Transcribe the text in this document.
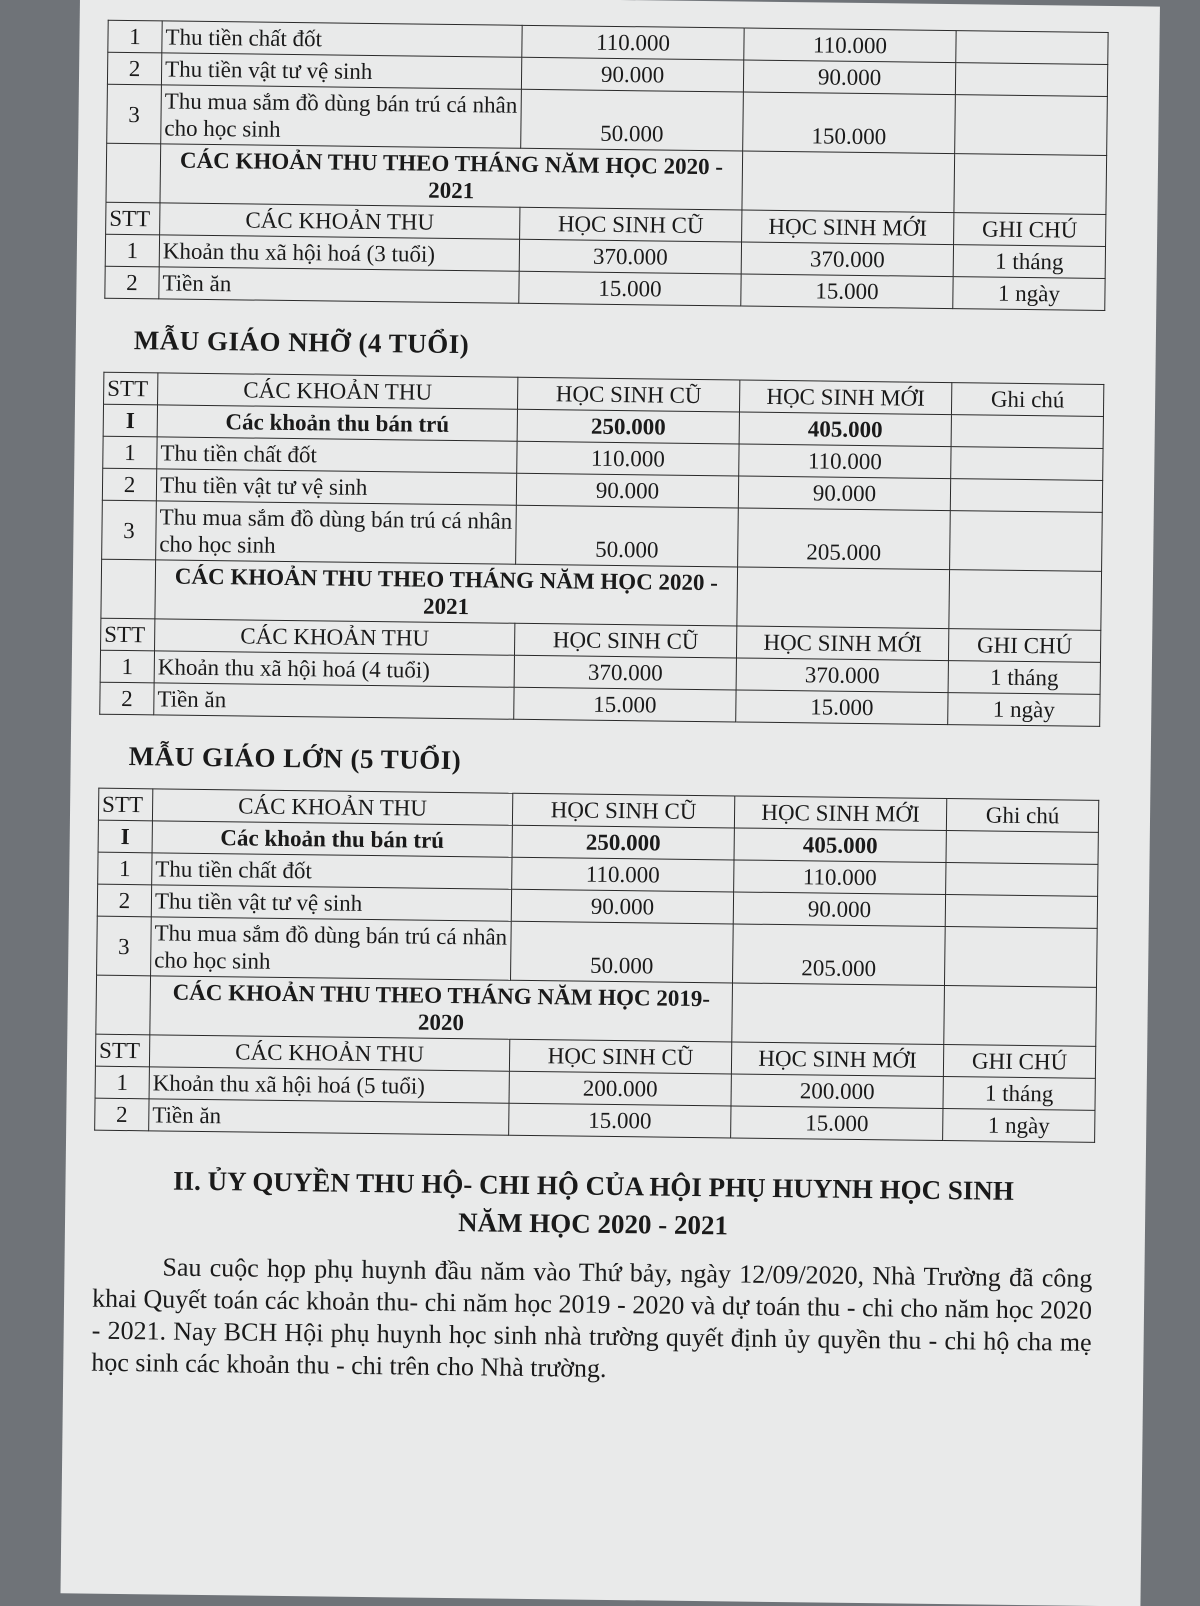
1	Thu tiền chất đốt	110.000	110.000	
2	Thu tiền vật tư vệ sinh	90.000	90.000	
3	Thu mua sắm đồ dùng bán trú cá nhân cho học sinh	50.000	150.000	
	CÁC KHOẢN THU THEO THÁNG NĂM HỌC 2020 - 2021			
STT	CÁC KHOẢN THU	HỌC SINH CŨ	HỌC SINH MỚI	GHI CHÚ
1	Khoản thu xã hội hoá (3 tuổi)	370.000	370.000	1 tháng
2	Tiền ăn	15.000	15.000	1 ngày
MẪU GIÁO NHỠ (4 TUỔI)
STT	CÁC KHOẢN THU	HỌC SINH CŨ	HỌC SINH MỚI	Ghi chú
I	Các khoản thu bán trú	250.000	405.000	
1	Thu tiền chất đốt	110.000	110.000	
2	Thu tiền vật tư vệ sinh	90.000	90.000	
3	Thu mua sắm đồ dùng bán trú cá nhân cho học sinh	50.000	205.000	
	CÁC KHOẢN THU THEO THÁNG NĂM HỌC 2020 - 2021			
STT	CÁC KHOẢN THU	HỌC SINH CŨ	HỌC SINH MỚI	GHI CHÚ
1	Khoản thu xã hội hoá (4 tuổi)	370.000	370.000	1 tháng
2	Tiền ăn	15.000	15.000	1 ngày
MẪU GIÁO LỚN (5 TUỔI)
STT	CÁC KHOẢN THU	HỌC SINH CŨ	HỌC SINH MỚI	Ghi chú
I	Các khoản thu bán trú	250.000	405.000	
1	Thu tiền chất đốt	110.000	110.000	
2	Thu tiền vật tư vệ sinh	90.000	90.000	
3	Thu mua sắm đồ dùng bán trú cá nhân cho học sinh	50.000	205.000	
	CÁC KHOẢN THU THEO THÁNG NĂM HỌC 2019- 2020			
STT	CÁC KHOẢN THU	HỌC SINH CŨ	HỌC SINH MỚI	GHI CHÚ
1	Khoản thu xã hội hoá (5 tuổi)	200.000	200.000	1 tháng
2	Tiền ăn	15.000	15.000	1 ngày
II. ỦY QUYỀN THU HỘ- CHI HỘ CỦA HỘI PHỤ HUYNH HỌC SINH
NĂM HỌC 2020 - 2021
Sau cuộc họp phụ huynh đầu năm vào Thứ bảy, ngày 12/09/2020, Nhà Trường đã công khai Quyết toán các khoản thu- chi năm học 2019 - 2020 và dự toán thu - chi cho năm học 2020 - 2021. Nay BCH Hội phụ huynh học sinh nhà trường quyết định ủy quyền thu - chi hộ cha mẹ học sinh các khoản thu - chi trên cho Nhà trường.
